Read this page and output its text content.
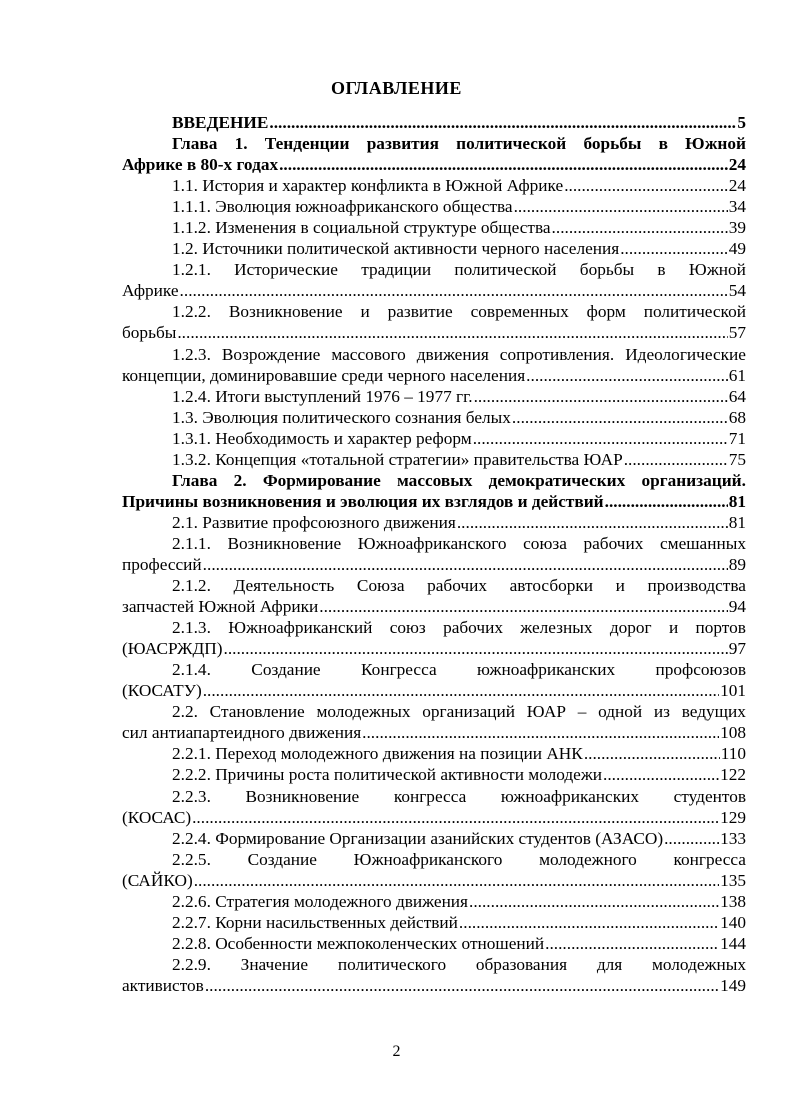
ОГЛАВЛЕНИЕ
ВВЕДЕНИЕ .....	5
Глава 1. Тенденции развития политической борьбы в Южной
Африке в 80-х годах .....	24
1.1. История и характер конфликта в Южной Африке .....	24
1.1.1. Эволюция южноафриканского общества .....	34
1.1.2. Изменения в социальной структуре общества .....	39
1.2. Источники политической активности черного населения .....	49
1.2.1. Исторические традиции политической борьбы в Южной
Африке .....	54
1.2.2. Возникновение и развитие современных форм политической
борьбы .....	57
1.2.3. Возрождение массового движения сопротивления. Идеологические
концепции, доминировавшие среди черного населения .....	61
1.2.4. Итоги выступлений 1976 – 1977 гг. .....	64
1.3. Эволюция политического сознания белых .....	68
1.3.1. Необходимость и характер реформ .....	71
1.3.2. Концепция «тотальной стратегии» правительства ЮАР .....	75
Глава 2. Формирование массовых демократических организаций.
Причины возникновения и эволюция их взглядов и действий .....	81
2.1. Развитие профсоюзного движения .....	81
2.1.1. Возникновение Южноафриканского союза рабочих смешанных
профессий .....	89
2.1.2. Деятельность Союза рабочих автосборки и производства
запчастей Южной Африки .....	94
2.1.3. Южноафриканский союз рабочих железных дорог и портов
(ЮАСРЖДП) .....	97
2.1.4. Создание Конгресса южноафриканских профсоюзов
(КОСАТУ) .....	101
2.2. Становление молодежных организаций ЮАР – одной из ведущих
сил антиапартеидного движения .....	108
2.2.1. Переход молодежного движения на позиции АНК .....	110
2.2.2. Причины роста политической активности молодежи .....	122
2.2.3. Возникновение конгресса южноафриканских студентов
(КОСАС) .....	129
2.2.4. Формирование Организации азанийских студентов (АЗАСО) .....	133
2.2.5. Создание Южноафриканского молодежного конгресса
(САЙКО) .....	135
2.2.6. Стратегия молодежного движения .....	138
2.2.7. Корни насильственных действий .....	140
2.2.8. Особенности межпоколенческих отношений .....	144
2.2.9. Значение политического образования для молодежных
активистов .....	149
2
